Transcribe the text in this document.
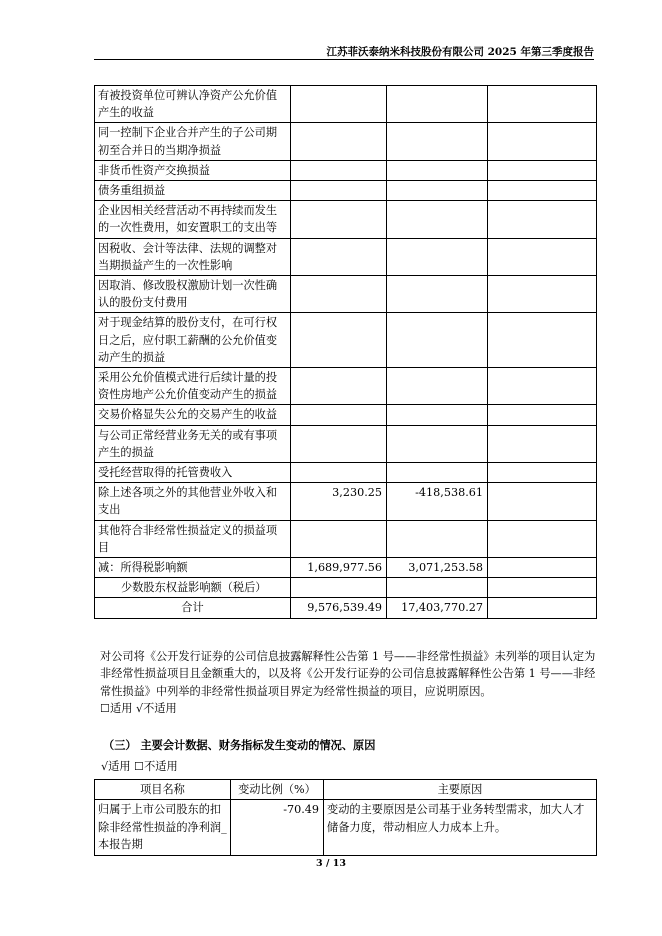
江苏菲沃泰纳米科技股份有限公司 2025 年第三季度报告
有被投资单位可辨认净资产公允价值产生的收益			
同一控制下企业合并产生的子公司期初至合并日的当期净损益			
非货币性资产交换损益			
债务重组损益			
企业因相关经营活动不再持续而发生的一次性费用，如安置职工的支出等			
因税收、会计等法律、法规的调整对当期损益产生的一次性影响			
因取消、修改股权激励计划一次性确认的股份支付费用			
对于现金结算的股份支付，在可行权日之后，应付职工薪酬的公允价值变动产生的损益			
采用公允价值模式进行后续计量的投资性房地产公允价值变动产生的损益			
交易价格显失公允的交易产生的收益			
与公司正常经营业务无关的或有事项产生的损益			
受托经营取得的托管费收入			
除上述各项之外的其他营业外收入和支出	3,230.25	-418,538.61	
其他符合非经常性损益定义的损益项目			
减：所得税影响额	1,689,977.56	3,071,253.58	
少数股东权益影响额（税后）			
合计	9,576,539.49	17,403,770.27	

对公司将《公开发行证券的公司信息披露解释性公告第 1 号——非经常性损益》未列举的项目认定为非经常性损益项目且金额重大的，以及将《公开发行证券的公司信息披露解释性公告第 1 号——非经常性损益》中列举的非经常性损益项目界定为经常性损益的项目，应说明原因。

☐适用 √不适用

（三） 主要会计数据、财务指标发生变动的情况、原因
√适用 ☐不适用
项目名称	变动比例（%）	主要原因
归属于上市公司股东的扣除非经常性损益的净利润_本报告期	-70.49	变动的主要原因是公司基于业务转型需求，加大人才储备力度，带动相应人力成本上升。
3 / 13
